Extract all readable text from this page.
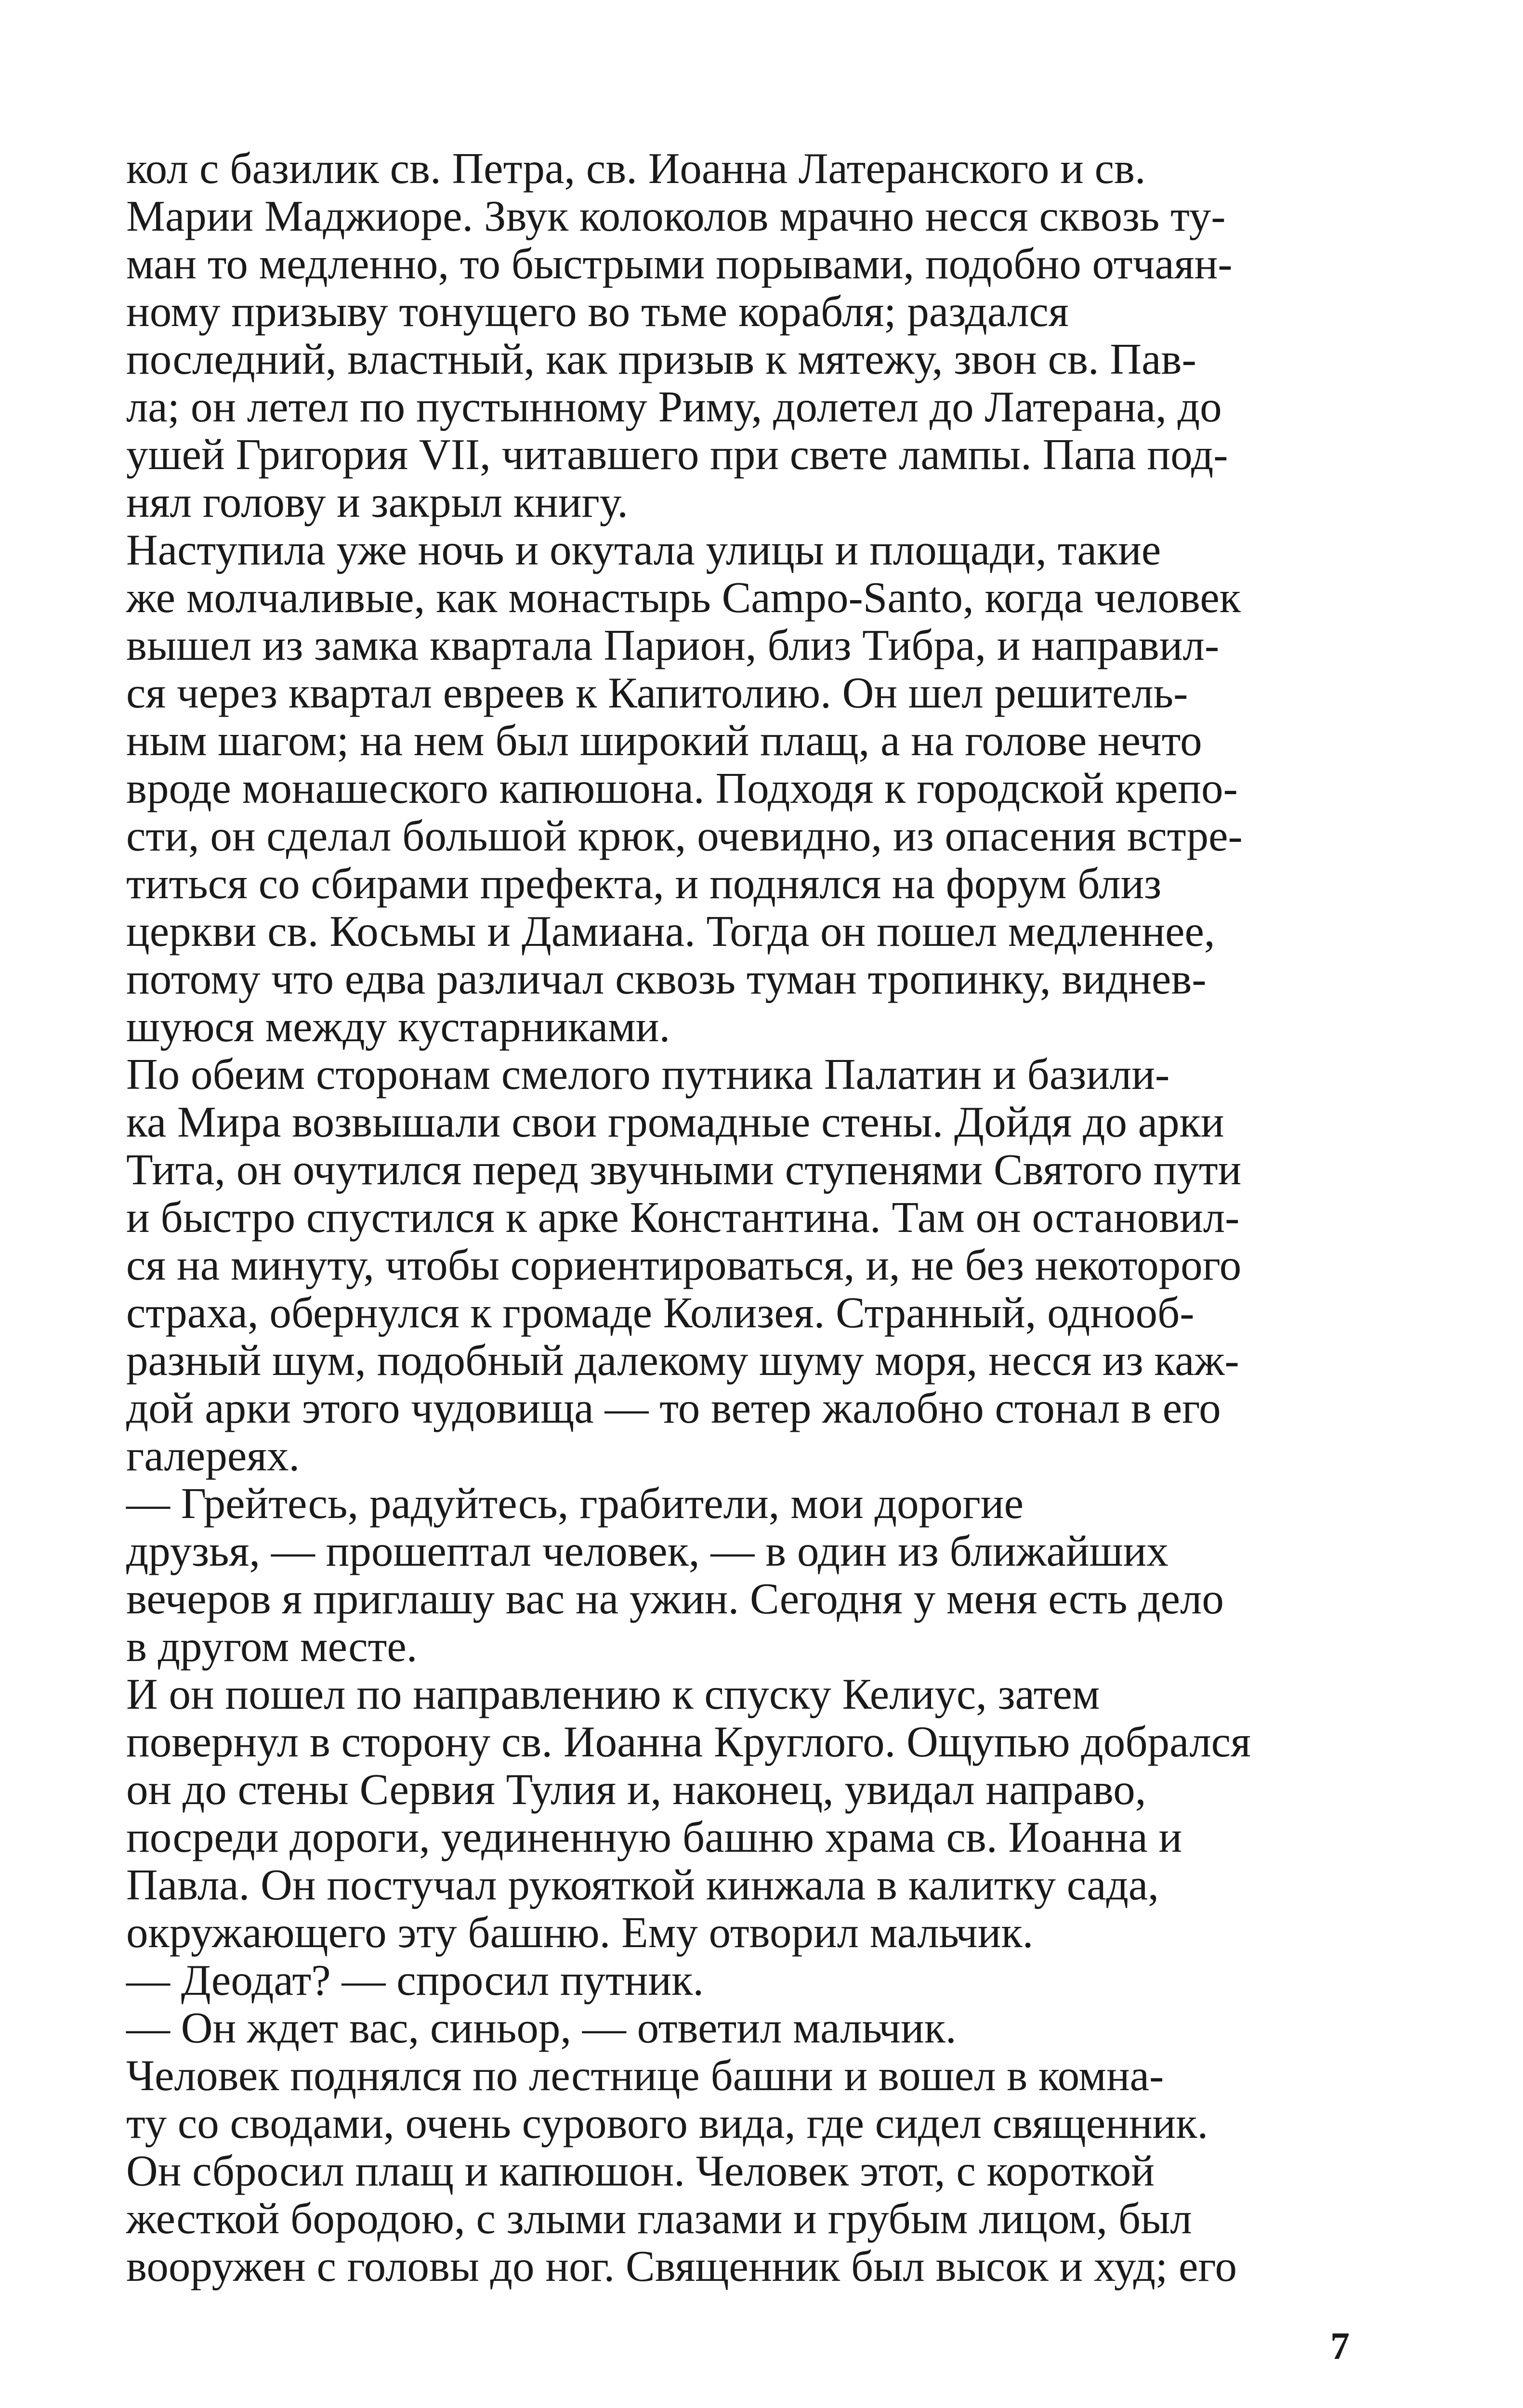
кол с базилик св. Петра, св. Иоанна Латеранского и св.
Марии Маджиоре. Звук колоколов мрачно несся сквозь ту-
ман то медленно, то быстрыми порывами, подобно отчаян-
ному призыву тонущего во тьме корабля; раздался
последний, властный, как призыв к мятежу, звон св. Пав-
ла; он летел по пустынному Риму, долетел до Латерана, до
ушей Григория VII, читавшего при свете лампы. Папа под-
нял голову и закрыл книгу.

Наступила уже ночь и окутала улицы и площади, такие
же молчаливые, как монастырь Campo-Santo, когда человек
вышел из замка квартала Парион, близ Тибра, и направил-
ся через квартал евреев к Капитолию. Он шел решитель-
ным шагом; на нем был широкий плащ, а на голове нечто
вроде монашеского капюшона. Подходя к городской крепо-
сти, он сделал большой крюк, очевидно, из опасения встре-
титься со сбирами префекта, и поднялся на форум близ
церкви св. Косьмы и Дамиана. Тогда он пошел медленнее,
потому что едва различал сквозь туман тропинку, виднев-
шуюся между кустарниками.

По обеим сторонам смелого путника Палатин и базили-
ка Мира возвышали свои громадные стены. Дойдя до арки
Тита, он очутился перед звучными ступенями Святого пути
и быстро спустился к арке Константина. Там он остановил-
ся на минуту, чтобы сориентироваться, и, не без некоторого
страха, обернулся к громаде Колизея. Странный, однооб-
разный шум, подобный далекому шуму моря, несся из каж-
дой арки этого чудовища — то ветер жалобно стонал в его
галереях.

— Грейтесь, радуйтесь, грабители, мои дорогие
друзья, — прошептал человек, — в один из ближайших
вечеров я приглашу вас на ужин. Сегодня у меня есть дело
в другом месте.

И он пошел по направлению к спуску Келиус, затем
повернул в сторону св. Иоанна Круглого. Ощупью добрался
он до стены Сервия Тулия и, наконец, увидал направо,
посреди дороги, уединенную башню храма св. Иоанна и
Павла. Он постучал рукояткой кинжала в калитку сада,
окружающего эту башню. Ему отворил мальчик.

— Деодат? — спросил путник.

— Он ждет вас, синьор, — ответил мальчик.

Человек поднялся по лестнице башни и вошел в комна-
ту со сводами, очень сурового вида, где сидел священник.
Он сбросил плащ и капюшон. Человек этот, с короткой
жесткой бородою, с злыми глазами и грубым лицом, был
вооружен с головы до ног. Священник был высок и худ; его

7
